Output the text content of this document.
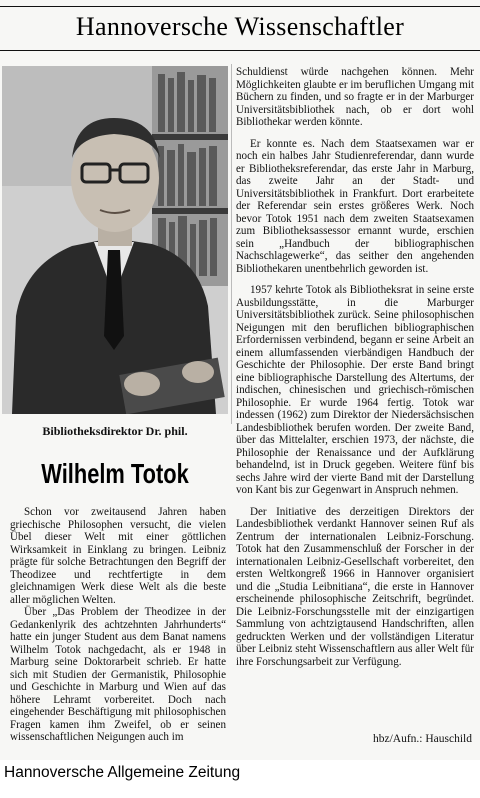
Hannoversche Wissenschaftler
Bibliotheksdirektor Dr. phil.
Wilhelm Totok

Schon vor zweitausend Jahren haben griechische Philosophen versucht, die vielen Übel dieser Welt mit einer göttlichen Wirksamkeit in Einklang zu bringen. Leibniz prägte für solche Betrachtungen den Begriff der Theodizee und rechtfertigte in dem gleichnamigen Werk diese Welt als die beste aller möglichen Welten.

Über „Das Problem der Theodizee in der Gedankenlyrik des achtzehnten Jahrhunderts“ hatte ein junger Student aus dem Banat namens Wilhelm Totok nachgedacht, als er 1948 in Marburg seine Doktorarbeit schrieb. Er hatte sich mit Studien der Germanistik, Philosophie und Geschichte in Marburg und Wien auf das höhere Lehramt vorbereitet. Doch nach eingehender Beschäftigung mit philosophischen Fragen kamen ihm Zweifel, ob er seinen wissenschaftlichen Neigungen auch im

Schuldienst würde nachgehen können. Mehr Möglichkeiten glaubte er im beruflichen Umgang mit Büchern zu finden, und so fragte er in der Marburger Universitätsbibliothek nach, ob er dort wohl Bibliothekar werden könnte.

Er konnte es. Nach dem Staatsexamen war er noch ein halbes Jahr Studienreferendar, dann wurde er Bibliotheksreferendar, das erste Jahr in Marburg, das zweite Jahr an der Stadt- und Universitätsbibliothek in Frankfurt. Dort erarbeitete der Referendar sein erstes größeres Werk. Noch bevor Totok 1951 nach dem zweiten Staatsexamen zum Bibliotheksassessor ernannt wurde, erschien sein „Handbuch der bibliographischen Nachschlagewerke“, das seither den angehenden Bibliothekaren unentbehrlich geworden ist.

1957 kehrte Totok als Bibliotheksrat in seine erste Ausbildungsstätte, in die Marburger Universitätsbibliothek zurück. Seine philosophischen Neigungen mit den beruflichen bibliographischen Erfordernissen verbindend, begann er seine Arbeit an einem allumfassenden vierbändigen Handbuch der Geschichte der Philosophie. Der erste Band bringt eine bibliographische Darstellung des Altertums, der indischen, chinesischen und griechisch-römischen Philosophie. Er wurde 1964 fertig. Totok war indessen (1962) zum Direktor der Niedersächsischen Landesbibliothek berufen worden. Der zweite Band, über das Mittelalter, erschien 1973, der nächste, die Philosophie der Renaissance und der Aufklärung behandelnd, ist in Druck gegeben. Weitere fünf bis sechs Jahre wird der vierte Band mit der Darstellung von Kant bis zur Gegenwart in Anspruch nehmen.

Der Initiative des derzeitigen Direktors der Landesbibliothek verdankt Hannover seinen Ruf als Zentrum der internationalen Leibniz-Forschung. Totok hat den Zusammenschluß der Forscher in der internationalen Leibniz-Gesellschaft vorbereitet, den ersten Weltkongreß 1966 in Hannover organisiert und die „Studia Leibnitiana“, die erste in Hannover erscheinende philosophische Zeitschrift, begründet. Die Leibniz-Forschungsstelle mit der einzigartigen Sammlung von achtzigtausend Handschriften, allen gedruckten Werken und der vollständigen Literatur über Leibniz steht Wissenschaftlern aus aller Welt für ihre Forschungsarbeit zur Verfügung.

hbz/Aufn.: Hauschild
Hannoversche Allgemeine Zeitung
